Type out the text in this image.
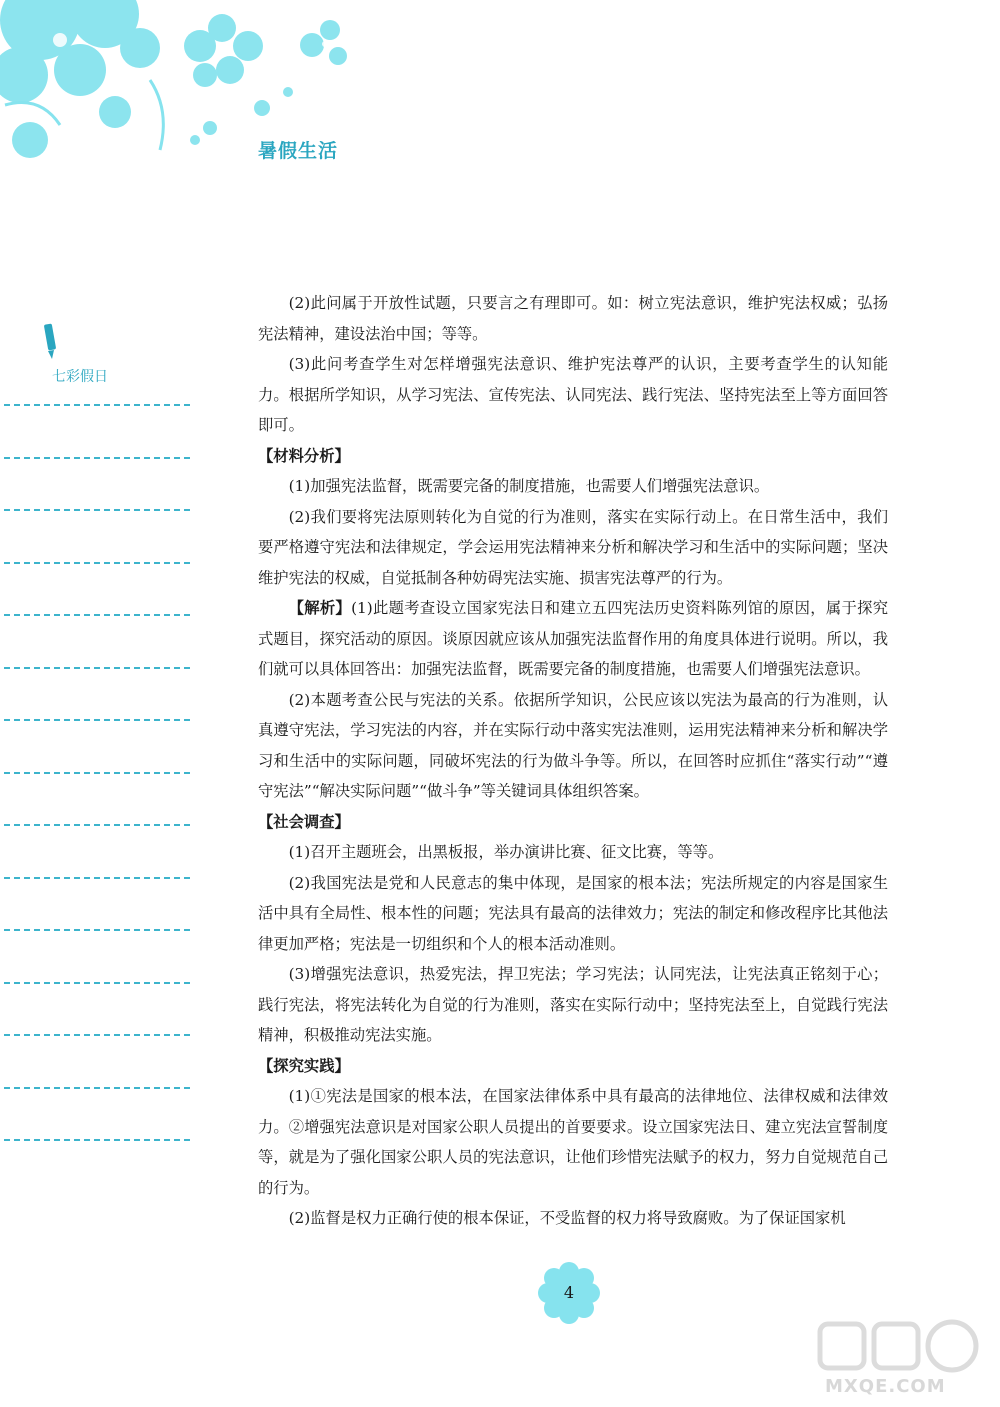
暑假生活
七彩假日

(2)此问属于开放性试题，只要言之有理即可。如：树立宪法意识，维护宪法权威；弘扬宪法精神，建设法治中国；等等。

(3)此问考查学生对怎样增强宪法意识、维护宪法尊严的认识，主要考查学生的认知能力。根据所学知识，从学习宪法、宣传宪法、认同宪法、践行宪法、坚持宪法至上等方面回答即可。

【材料分析】

(1)加强宪法监督，既需要完备的制度措施，也需要人们增强宪法意识。

(2)我们要将宪法原则转化为自觉的行为准则，落实在实际行动上。在日常生活中，我们要严格遵守宪法和法律规定，学会运用宪法精神来分析和解决学习和生活中的实际问题；坚决维护宪法的权威，自觉抵制各种妨碍宪法实施、损害宪法尊严的行为。

【解析】(1)此题考查设立国家宪法日和建立五四宪法历史资料陈列馆的原因，属于探究式题目，探究活动的原因。谈原因就应该从加强宪法监督作用的角度具体进行说明。所以，我们就可以具体回答出：加强宪法监督，既需要完备的制度措施，也需要人们增强宪法意识。

(2)本题考查公民与宪法的关系。依据所学知识，公民应该以宪法为最高的行为准则，认真遵守宪法，学习宪法的内容，并在实际行动中落实宪法准则，运用宪法精神来分析和解决学习和生活中的实际问题，同破坏宪法的行为做斗争等。所以，在回答时应抓住“落实行动”“遵守宪法”“解决实际问题”“做斗争”等关键词具体组织答案。

【社会调查】

(1)召开主题班会，出黑板报，举办演讲比赛、征文比赛，等等。

(2)我国宪法是党和人民意志的集中体现，是国家的根本法；宪法所规定的内容是国家生活中具有全局性、根本性的问题；宪法具有最高的法律效力；宪法的制定和修改程序比其他法律更加严格；宪法是一切组织和个人的根本活动准则。

(3)增强宪法意识，热爱宪法，捍卫宪法；学习宪法；认同宪法，让宪法真正铭刻于心；践行宪法，将宪法转化为自觉的行为准则，落实在实际行动中；坚持宪法至上，自觉践行宪法精神，积极推动宪法实施。

【探究实践】

(1)①宪法是国家的根本法，在国家法律体系中具有最高的法律地位、法律权威和法律效力。②增强宪法意识是对国家公职人员提出的首要要求。设立国家宪法日、建立宪法宣誓制度等，就是为了强化国家公职人员的宪法意识，让他们珍惜宪法赋予的权力，努力自觉规范自己的行为。

(2)监督是权力正确行使的根本保证，不受监督的权力将导致腐败。为了保证国家机

4
MXQE.COM
